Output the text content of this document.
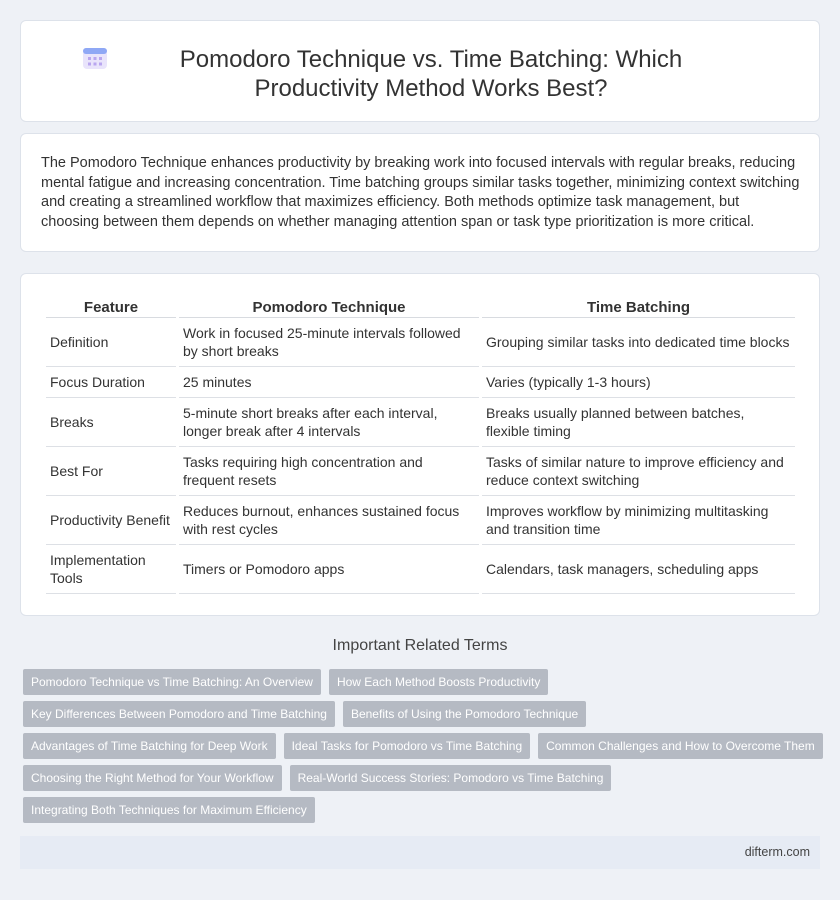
Pomodoro Technique vs. Time Batching: Which Productivity Method Works Best?

The Pomodoro Technique enhances productivity by breaking work into focused intervals with regular breaks, reducing mental fatigue and increasing concentration. Time batching groups similar tasks together, minimizing context switching and creating a streamlined workflow that maximizes efficiency. Both methods optimize task management, but choosing between them depends on whether managing attention span or task type prioritization is more critical.

Feature	Pomodoro Technique	Time Batching
Definition	Work in focused 25-minute intervals followed by short breaks	Grouping similar tasks into dedicated time blocks
Focus Duration	25 minutes	Varies (typically 1-3 hours)
Breaks	5-minute short breaks after each interval, longer break after 4 intervals	Breaks usually planned between batches, flexible timing
Best For	Tasks requiring high concentration and frequent resets	Tasks of similar nature to improve efficiency and reduce context switching
Productivity Benefit	Reduces burnout, enhances sustained focus with rest cycles	Improves workflow by minimizing multitasking and transition time
Implementation Tools	Timers or Pomodoro apps	Calendars, task managers, scheduling apps
Important Related Terms
Pomodoro Technique vs Time Batching: An Overview	How Each Method Boosts Productivity
Key Differences Between Pomodoro and Time Batching	Benefits of Using the Pomodoro Technique
Advantages of Time Batching for Deep Work	Ideal Tasks for Pomodoro vs Time Batching	Common Challenges and How to Overcome Them
Choosing the Right Method for Your Workflow	Real-World Success Stories: Pomodoro vs Time Batching
Integrating Both Techniques for Maximum Efficiency
difterm.com
